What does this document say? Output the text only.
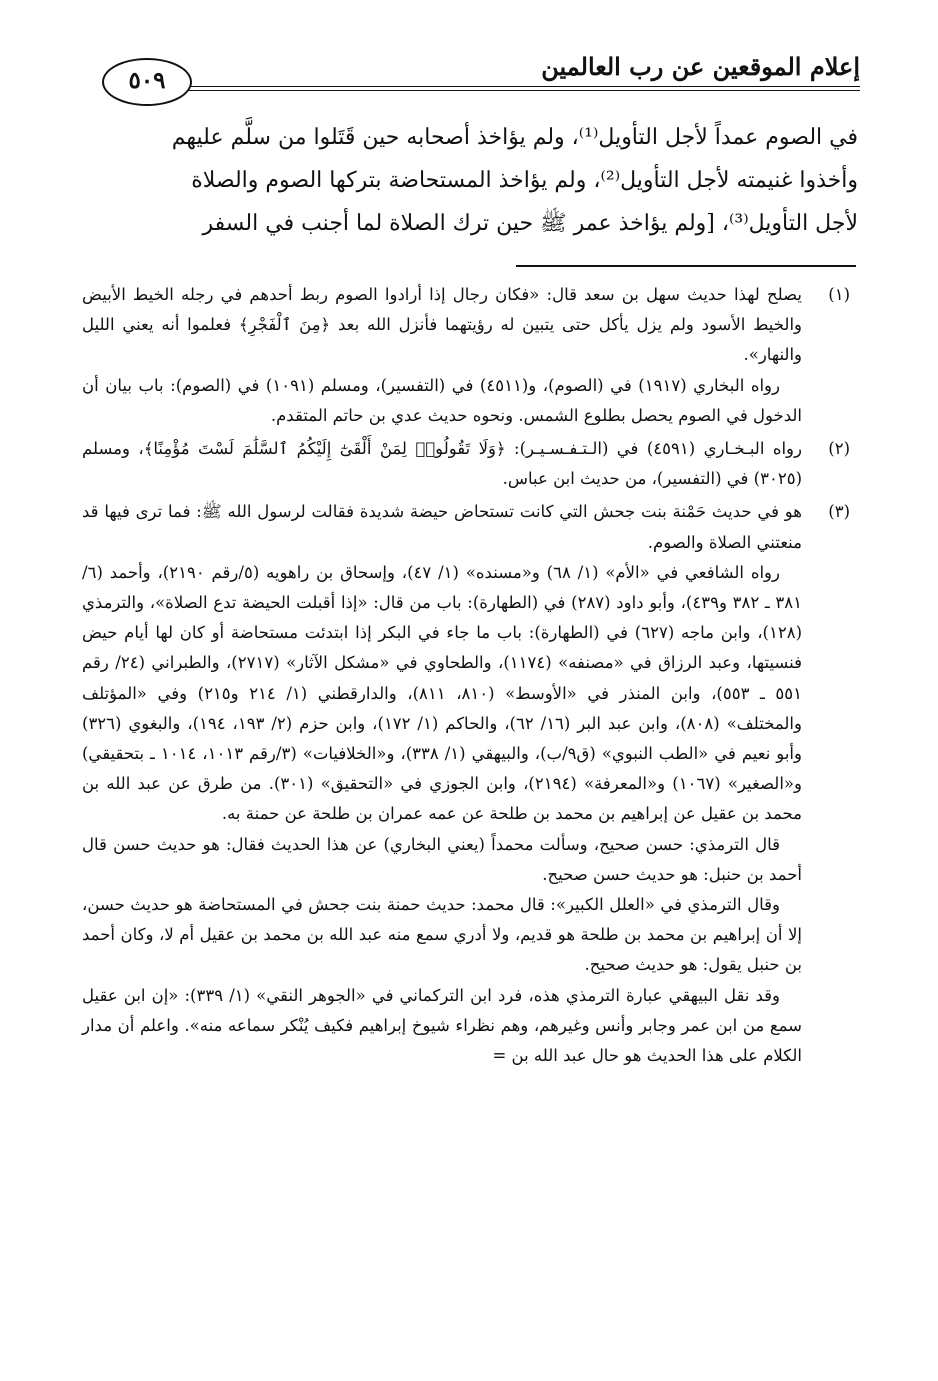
إعلام الموقعين عن رب العالمين
٥٠٩

في الصوم عمداً لأجل التأويل⁽¹⁾، ولم يؤاخذ أصحابه حين قَتَلوا من سلَّم عليهم

وأخذوا غنيمته لأجل التأويل⁽²⁾، ولم يؤاخذ المستحاضة بتركها الصوم والصلاة

لأجل التأويل⁽³⁾، [ولم يؤاخذ عمر ﷺ حين ترك الصلاة لما أجنب في السفر

(١)

يصلح لهذا حديث سهل بن سعد قال: «فكان رجال إذا أرادوا الصوم ربط أحدهم في رجله الخيط الأبيض والخيط الأسود ولم يزل يأكل حتى يتبين له رؤيتهما فأنزل الله بعد ﴿مِنَ ٱلْفَجْرِ﴾ فعلموا أنه يعني الليل والنهار».

رواه البخاري (١٩١٧) في (الصوم)، و(٤٥١١) في (التفسير)، ومسلم (١٠٩١) في (الصوم): باب بيان أن الدخول في الصوم يحصل بطلوع الشمس. ونحوه حديث عدي بن حاتم المتقدم.

(٢)

رواه البـخـاري (٤٥٩١) في (الـتـفـسـيـر): ﴿وَلَا تَقُولُوا۟ لِمَنْ أَلْقَىٰٓ إِلَيْكُمُ ٱلسَّلَٰمَ لَسْتَ مُؤْمِنًا﴾، ومسلم (٣٠٢٥) في (التفسير)، من حديث ابن عباس.

(٣)

هو في حديث حَمْنة بنت جحش التي كانت تستحاض حيضة شديدة فقالت لرسول الله ﷺ: فما ترى فيها قد منعتني الصلاة والصوم.

رواه الشافعي في «الأم» (١/ ٦٨) و«مسنده» (١/ ٤٧)، وإسحاق بن راهويه (٥/رقم ٢١٩٠)، وأحمد (٦/ ٣٨١ ـ ٣٨٢ و٤٣٩)، وأبو داود (٢٨٧) في (الطهارة): باب من قال: «إذا أقبلت الحيضة تدع الصلاة»، والترمذي (١٢٨)، وابن ماجه (٦٢٧) في (الطهارة): باب ما جاء في البكر إذا ابتدئت مستحاضة أو كان لها أيام حيض فنسيتها، وعبد الرزاق في «مصنفه» (١١٧٤)، والطحاوي في «مشكل الآثار» (٢٧١٧)، والطبراني (٢٤/ رقم ٥٥١ ـ ٥٥٣)، وابن المنذر في «الأوسط» (٨١٠، ٨١١)، والدارقطني (١/ ٢١٤ و٢١٥) وفي «المؤتلف والمختلف» (٨٠٨)، وابن عبد البر (١٦/ ٦٢)، والحاكم (١/ ١٧٢)، وابن حزم (٢/ ١٩٣، ١٩٤)، والبغوي (٣٢٦) وأبو نعيم في «الطب النبوي» (ق٩/ب)، والبيهقي (١/ ٣٣٨)، و«الخلافيات» (٣/رقم ١٠١٣، ١٠١٤ ـ بتحقيقي) و«الصغير» (١٠٦٧) و«المعرفة» (٢١٩٤)، وابن الجوزي في «التحقيق» (٣٠١). من طرق عن عبد الله بن محمد بن عقيل عن إبراهيم بن محمد بن طلحة عن عمه عمران بن طلحة عن حمنة به.

قال الترمذي: حسن صحيح، وسألت محمداً (يعني البخاري) عن هذا الحديث فقال: هو حديث حسن قال أحمد بن حنبل: هو حديث حسن صحيح.

وقال الترمذي في «العلل الكبير»: قال محمد: حديث حمنة بنت جحش في المستحاضة هو حديث حسن، إلا أن إبراهيم بن محمد بن طلحة هو قديم، ولا أدري سمع منه عبد الله بن محمد بن عقيل أم لا، وكان أحمد بن حنبل يقول: هو حديث صحيح.

وقد نقل البيهقي عبارة الترمذي هذه، فرد ابن التركماني في «الجوهر النقي» (١/ ٣٣٩): «إن ابن عقيل سمع من ابن عمر وجابر وأنس وغيرهم، وهم نظراء شيوخ إبراهيم فكيف يُنْكر سماعه منه». واعلم أن مدار الكلام على هذا الحديث هو حال عبد الله بن =
